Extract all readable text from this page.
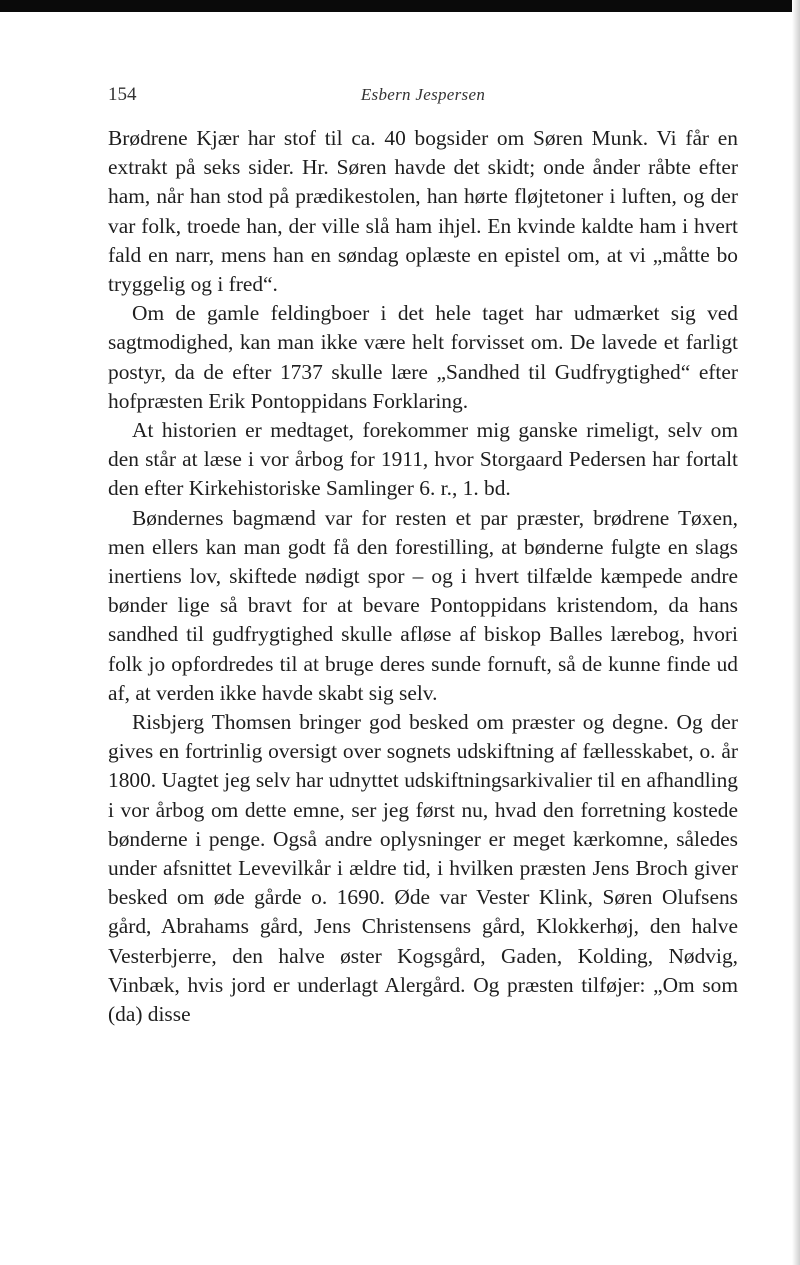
154	Esbern Jespersen

Brødrene Kjær har stof til ca. 40 bogsider om Søren Munk. Vi får en extrakt på seks sider. Hr. Søren havde det skidt; onde ånder råbte efter ham, når han stod på prædikestolen, han hørte fløjtetoner i luften, og der var folk, troede han, der ville slå ham ihjel. En kvinde kaldte ham i hvert fald en narr, mens han en søndag oplæste en epistel om, at vi „måtte bo tryggelig og i fred“.

Om de gamle feldingboer i det hele taget har udmærket sig ved sagtmodighed, kan man ikke være helt forvisset om. De lavede et farligt postyr, da de efter 1737 skulle lære „Sandhed til Gudfrygtighed“ efter hofpræsten Erik Pontoppidans Forklaring.

At historien er medtaget, forekommer mig ganske rimeligt, selv om den står at læse i vor årbog for 1911, hvor Storgaard Pedersen har fortalt den efter Kirkehistoriske Samlinger 6. r., 1. bd.

Bøndernes bagmænd var for resten et par præster, brødrene Tøxen, men ellers kan man godt få den forestilling, at bønderne fulgte en slags inertiens lov, skiftede nødigt spor – og i hvert tilfælde kæmpede andre bønder lige så bravt for at bevare Pontoppidans kristendom, da hans sandhed til gudfrygtighed skulle afløse af biskop Balles lærebog, hvori folk jo opfordredes til at bruge deres sunde fornuft, så de kunne finde ud af, at verden ikke havde skabt sig selv.

Risbjerg Thomsen bringer god besked om præster og degne. Og der gives en fortrinlig oversigt over sognets udskiftning af fællesskabet, o. år 1800. Uagtet jeg selv har udnyttet udskiftningsarkivalier til en afhandling i vor årbog om dette emne, ser jeg først nu, hvad den forretning kostede bønderne i penge. Også andre oplysninger er meget kærkomne, således under afsnittet Levevilkår i ældre tid, i hvilken præsten Jens Broch giver besked om øde gårde o. 1690. Øde var Vester Klink, Søren Olufsens gård, Abrahams gård, Jens Christensens gård, Klokkerhøj, den halve Vesterbjerre, den halve øster Kogsgård, Gaden, Kolding, Nødvig, Vinbæk, hvis jord er underlagt Alergård. Og præsten tilføjer: „Om som (da) disse
